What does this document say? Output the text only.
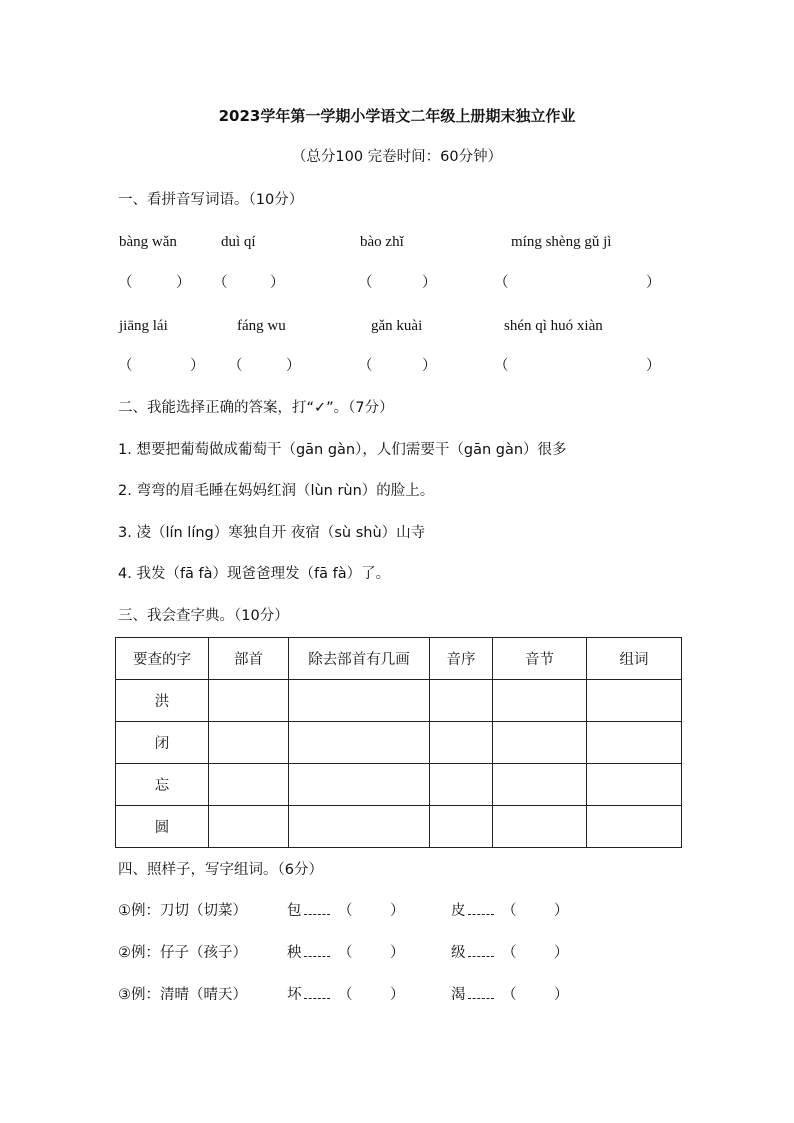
2023学年第一学期小学语文二年级上册期末独立作业
（总分100 完卷时间：60分钟）
一、看拼音写词语。（10分）
bàng wǎn	duì qí	bào zhǐ	míng shèng gǔ jì
（	） （	）	（	）	（	）
jiāng lái	fáng wu	gǎn kuài	shén qì huó xiàn
（	） （	）	（	）	（	）
二、我能选择正确的答案，打“✓”。（7分）
1. 想要把葡萄做成葡萄干（gān gàn），人们需要干（gān gàn）很多
2. 弯弯的眉毛睡在妈妈红润（lùn rùn）的脸上。
3. 凌（lín líng）寒独自开 夜宿（sù shù）山寺
4. 我发（fā fà）现爸爸理发（fā fà）了。
三、我会查字典。（10分）
要查的字	部首	除去部首有几画	音序	音节	组词
洪					
闭					
忘					
圆					
四、照样子，写字组词。（6分）
①例：刀切（切菜）	包	（	）	皮	（	）
②例：仔子（孩子）	秧	（	）	级	（	）
③例：清晴（晴天）	坏	（	）	渴	（	）
